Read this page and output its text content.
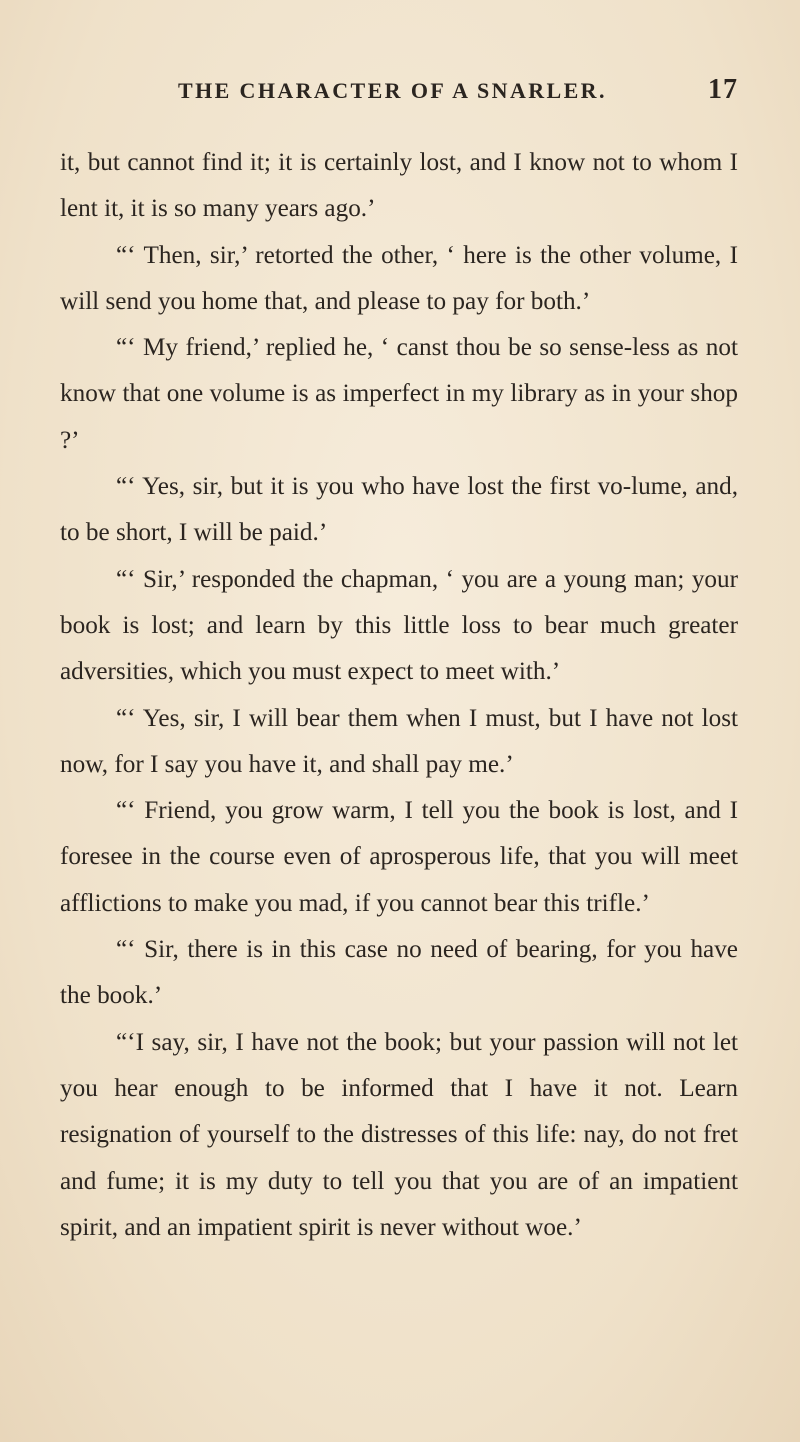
THE CHARACTER OF A SNARLER.	17

it, but cannot find it; it is certainly lost, and I know not to whom I lent it, it is so many years ago.’

“‘ Then, sir,’ retorted the other, ‘ here is the other volume, I will send you home that, and please to pay for both.’

“‘ My friend,’ replied he, ‘ canst thou be so sense-less as not know that one volume is as imperfect in my library as in your shop ?’

“‘ Yes, sir, but it is you who have lost the first vo-lume, and, to be short, I will be paid.’

“‘ Sir,’ responded the chapman, ‘ you are a young man; your book is lost; and learn by this little loss to bear much greater adversities, which you must expect to meet with.’

“‘ Yes, sir, I will bear them when I must, but I have not lost now, for I say you have it, and shall pay me.’

“‘ Friend, you grow warm, I tell you the book is lost, and I foresee in the course even of aprosperous life, that you will meet afflictions to make you mad, if you cannot bear this trifle.’

“‘ Sir, there is in this case no need of bearing, for you have the book.’

“‘I say, sir, I have not the book; but your passion will not let you hear enough to be informed that I have it not. Learn resignation of yourself to the distresses of this life: nay, do not fret and fume; it is my duty to tell you that you are of an impatient spirit, and an impatient spirit is never without woe.’
